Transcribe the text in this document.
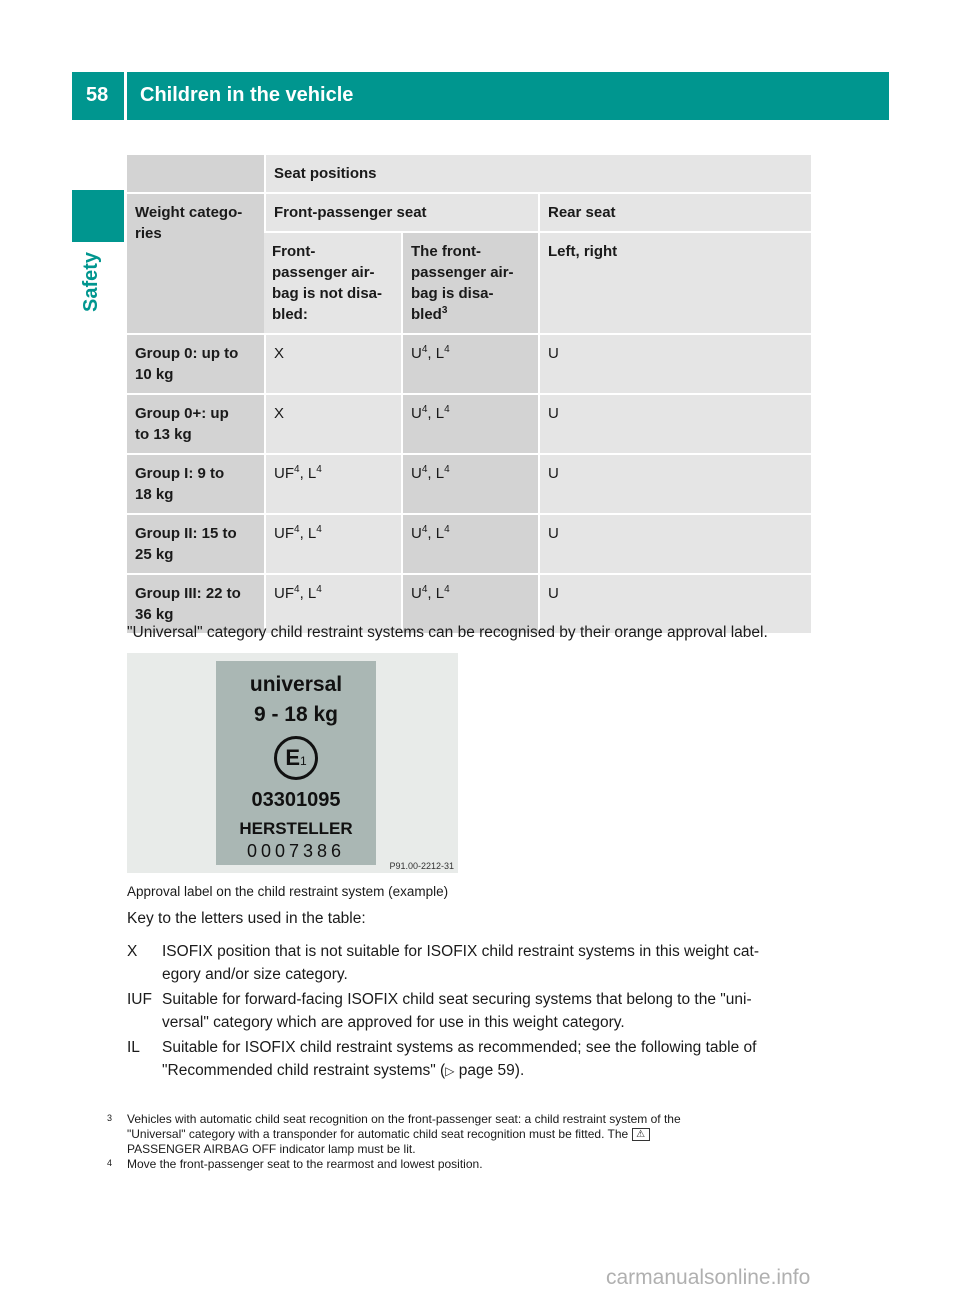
58	Children in the vehicle
Safety
	Seat positions		
Weight catego-
ries	Front-passenger seat		Rear seat
	Front-
passenger air-
bag is not disa-
bled:	The front-
passenger air-
bag is disa-
bled$^3$	Left, right
Group 0: up to
10 kg	X	$U^4$, $L^4$	U
Group 0+: up
to 13 kg	X	$U^4$, $L^4$	U
Group I: 9 to
18 kg	$UF^4$, $L^4$	$U^4$, $L^4$	U
Group II: 15 to
25 kg	$UF^4$, $L^4$	$U^4$, $L^4$	U
Group III: 22 to
36 kg	$UF^4$, $L^4$	$U^4$, $L^4$	U
"Universal" category child restraint systems can be recognised by their orange approval label.
universal
9 - 18 kg
E1
03301095
HERSTELLER
0007386
P91.00-2212-31
Approval label on the child restraint system (example)
Key to the letters used in the table:
X	ISOFIX position that is not suitable for ISOFIX child restraint systems in this weight cat-
egory and/or size category.
IUF Suitable for forward-facing ISOFIX child seat securing systems that belong to the "uni-
versal" category which are approved for use in this weight category.
IL	Suitable for ISOFIX child restraint systems as recommended; see the following table of
"Recommended child restraint systems" (▷ page 59).
3	Vehicles with automatic child seat recognition on the front-passenger seat: a child restraint system of the
"Universal" category with a transponder for automatic child seat recognition must be fitted. The ⚠
PASSENGER AIRBAG OFF indicator lamp must be lit.
4	Move the front-passenger seat to the rearmost and lowest position.
carmanualsonline.info
